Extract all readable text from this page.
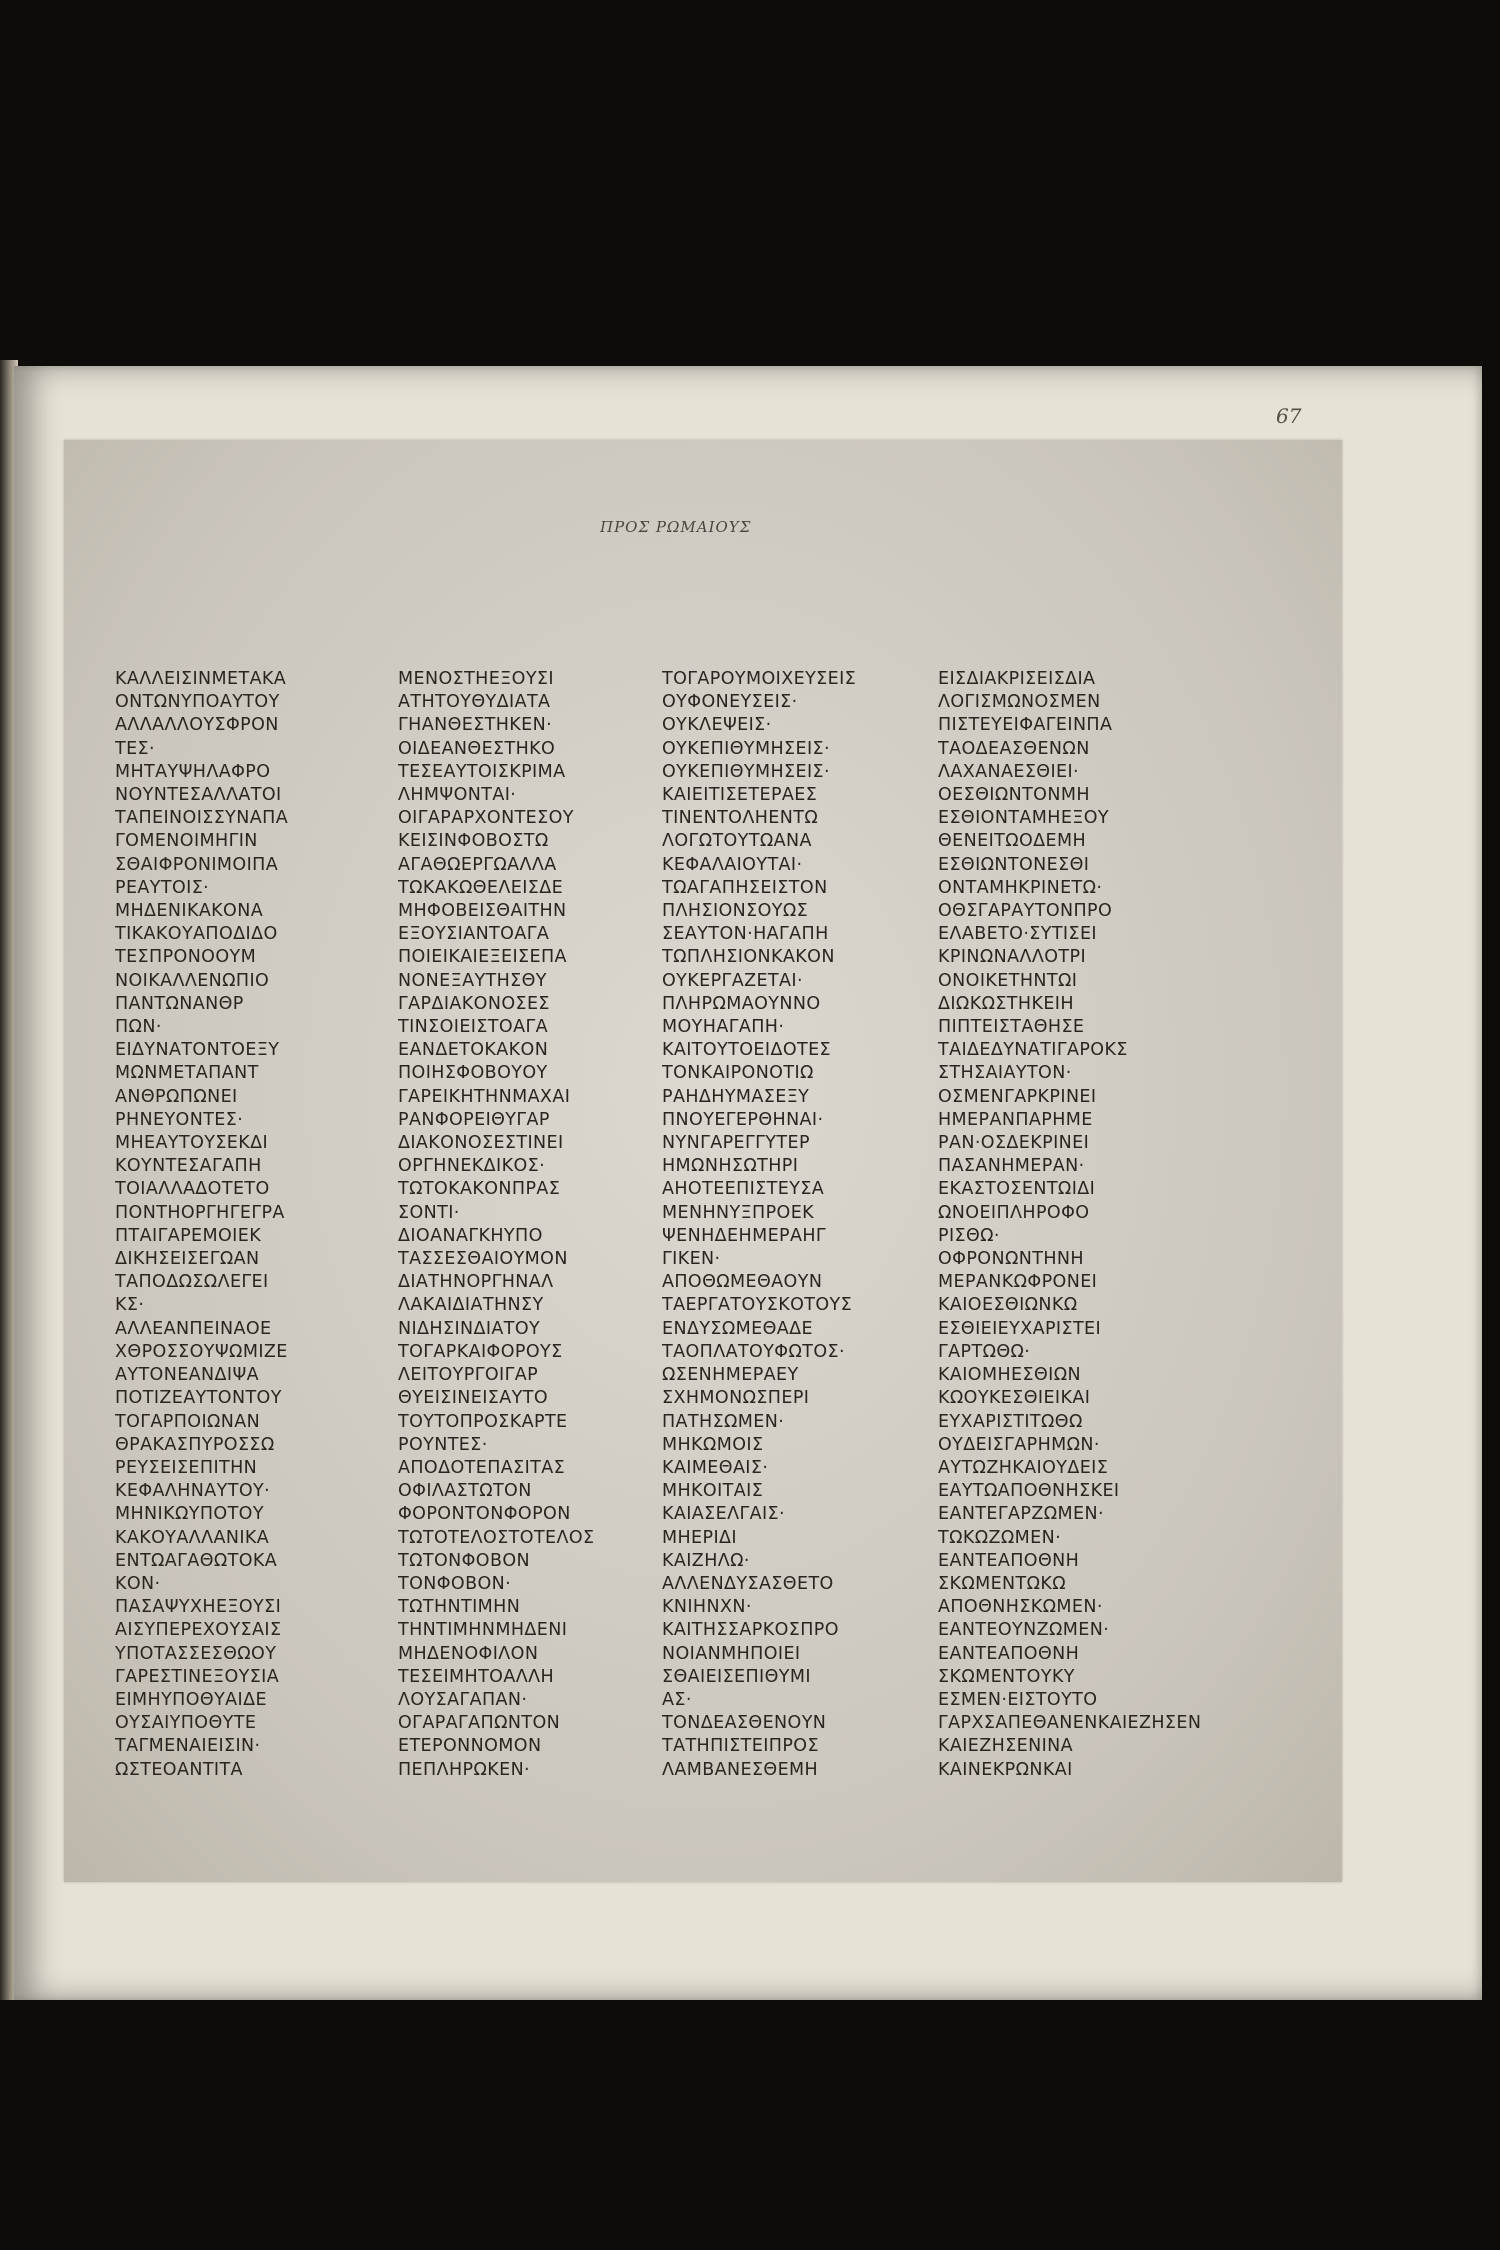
67
ΠΡΟΣ ΡΩΜΑΙΟΥΣ
ΚΑΛΛΕΙΣΙΝΜΕΤΑΚΑ
ΟΝΤΩΝΥΠΟΑΥΤΟΥ
ΑΛΛΑΛΛΟΥΣΦΡΟΝ
ΤΕΣ·
ΜΗΤΑΥΨΗΛΑΦΡΟ
ΝΟΥΝΤΕΣΑΛΛΑΤΟΙ
ΤΑΠΕΙΝΟΙΣΣΥΝΑΠΑ
ΓΟΜΕΝΟΙΜΗΓΙΝ
ΣΘΑΙΦΡΟΝΙΜΟΙΠΑ
ΡΕΑΥΤΟΙΣ·
ΜΗΔΕΝΙΚΑΚΟΝΑ
ΤΙΚΑΚΟΥΑΠΟΔΙΔΟ
ΤΕΣΠΡΟΝΟΟΥΜ
ΝΟΙΚΑΛΛΕΝΩΠΙΟ
ΠΑΝΤΩΝΑΝΘΡ
ΠΩΝ·
ΕΙΔΥΝΑΤΟΝΤΟΕΞΥ
ΜΩΝΜΕΤΑΠΑΝΤ
ΑΝΘΡΩΠΩΝΕΙ
ΡΗΝΕΥΟΝΤΕΣ·
ΜΗΕΑΥΤΟΥΣΕΚΔΙ
ΚΟΥΝΤΕΣΑΓΑΠΗ
ΤΟΙΑΛΛΑΔΟΤΕΤΟ
ΠΟΝΤΗΟΡΓΗΓΕΓΡΑ
ΠΤΑΙΓΑΡΕΜΟΙΕΚ
ΔΙΚΗΣΕΙΣΕΓΩΑΝ
ΤΑΠΟΔΩΣΩΛΕΓΕΙ
ΚΣ·
ΑΛΛΕΑΝΠΕΙΝΑΟΕ
ΧΘΡΟΣΣΟΥΨΩΜΙΖΕ
ΑΥΤΟΝΕΑΝΔΙΨΑ
ΠΟΤΙΖΕΑΥΤΟΝΤΟΥ
ΤΟΓΑΡΠΟΙΩΝΑΝ
ΘΡΑΚΑΣΠΥΡΟΣΣΩ
ΡΕΥΣΕΙΣΕΠΙΤΗΝ
ΚΕΦΑΛΗΝΑΥΤΟΥ·
ΜΗΝΙΚΩΥΠΟΤΟΥ
ΚΑΚΟΥΑΛΛΑΝΙΚΑ
ΕΝΤΩΑΓΑΘΩΤΟΚΑ
ΚΟΝ·
ΠΑΣΑΨΥΧΗΕΞΟΥΣΙ
ΑΙΣΥΠΕΡΕΧΟΥΣΑΙΣ
ΥΠΟΤΑΣΣΕΣΘΩΟΥ
ΓΑΡΕΣΤΙΝΕΞΟΥΣΙΑ
ΕΙΜΗΥΠΟΘΥΑΙΔΕ
ΟΥΣΑΙΥΠΟΘΥΤΕ
ΤΑΓΜΕΝΑΙΕΙΣΙΝ·
ΩΣΤΕΟΑΝΤΙΤΑ
ΜΕΝΟΣΤΗΕΞΟΥΣΙ
ΑΤΗΤΟΥΘΥΔΙΑΤΑ
ΓΗΑΝΘΕΣΤΗΚΕΝ·
ΟΙΔΕΑΝΘΕΣΤΗΚΟ
ΤΕΣΕΑΥΤΟΙΣΚΡΙΜΑ
ΛΗΜΨΟΝΤΑΙ·
ΟΙΓΑΡΑΡΧΟΝΤΕΣΟΥ
ΚΕΙΣΙΝΦΟΒΟΣΤΩ
ΑΓΑΘΩΕΡΓΩΑΛΛΑ
ΤΩΚΑΚΩΘΕΛΕΙΣΔΕ
ΜΗΦΟΒΕΙΣΘΑΙΤΗΝ
ΕΞΟΥΣΙΑΝΤΟΑΓΑ
ΠΟΙΕΙΚΑΙΕΞΕΙΣΕΠΑ
ΝΟΝΕΞΑΥΤΗΣΘΥ
ΓΑΡΔΙΑΚΟΝΟΣΕΣ
ΤΙΝΣΟΙΕΙΣΤΟΑΓΑ
ΕΑΝΔΕΤΟΚΑΚΟΝ
ΠΟΙΗΣΦΟΒΟΥΟΥ
ΓΑΡΕΙΚΗΤΗΝΜΑΧΑΙ
ΡΑΝΦΟΡΕΙΘΥΓΑΡ
ΔΙΑΚΟΝΟΣΕΣΤΙΝΕΙ
ΟΡΓΗΝΕΚΔΙΚΟΣ·
ΤΩΤΟΚΑΚΟΝΠΡΑΣ
ΣΟΝΤΙ·
ΔΙΟΑΝΑΓΚΗΥΠΟ
ΤΑΣΣΕΣΘΑΙΟΥΜΟΝ
ΔΙΑΤΗΝΟΡΓΗΝΑΛ
ΛΑΚΑΙΔΙΑΤΗΝΣΥ
ΝΙΔΗΣΙΝΔΙΑΤΟΥ
ΤΟΓΑΡΚΑΙΦΟΡΟΥΣ
ΛΕΙΤΟΥΡΓΟΙΓΑΡ
ΘΥΕΙΣΙΝΕΙΣΑΥΤΟ
ΤΟΥΤΟΠΡΟΣΚΑΡΤΕ
ΡΟΥΝΤΕΣ·
ΑΠΟΔΟΤΕΠΑΣΙΤΑΣ
ΟΦΙΛΑΣΤΩΤΟΝ
ΦΟΡΟΝΤΟΝΦΟΡΟΝ
ΤΩΤΟΤΕΛΟΣΤΟΤΕΛΟΣ
ΤΩΤΟΝΦΟΒΟΝ
ΤΟΝΦΟΒΟΝ·
ΤΩΤΗΝΤΙΜΗΝ
ΤΗΝΤΙΜΗΝΜΗΔΕΝΙ
ΜΗΔΕΝΟΦΙΛΟΝ
ΤΕΣΕΙΜΗΤΟΑΛΛΗ
ΛΟΥΣΑΓΑΠΑΝ·
ΟΓΑΡΑΓΑΠΩΝΤΟΝ
ΕΤΕΡΟΝΝΟΜΟΝ
ΠΕΠΛΗΡΩΚΕΝ·
ΤΟΓΑΡΟΥΜΟΙΧΕΥΣΕΙΣ
ΟΥΦΟΝΕΥΣΕΙΣ·
ΟΥΚΛΕΨΕΙΣ·
ΟΥΚΕΠΙΘΥΜΗΣΕΙΣ·
ΟΥΚΕΠΙΘΥΜΗΣΕΙΣ·
ΚΑΙΕΙΤΙΣΕΤΕΡΑΕΣ
ΤΙΝΕΝΤΟΛΗΕΝΤΩ
ΛΟΓΩΤΟΥΤΩΑΝΑ
ΚΕΦΑΛΑΙΟΥΤΑΙ·
ΤΩΑΓΑΠΗΣΕΙΣΤΟΝ
ΠΛΗΣΙΟΝΣΟΥΩΣ
ΣΕΑΥΤΟΝ·ΗΑΓΑΠΗ
ΤΩΠΛΗΣΙΟΝΚΑΚΟΝ
ΟΥΚΕΡΓΑΖΕΤΑΙ·
ΠΛΗΡΩΜΑΟΥΝΝΟ
ΜΟΥΗΑΓΑΠΗ·
ΚΑΙΤΟΥΤΟΕΙΔΟΤΕΣ
ΤΟΝΚΑΙΡΟΝΟΤΙΩ
ΡΑΗΔΗΥΜΑΣΕΞΥ
ΠΝΟΥΕΓΕΡΘΗΝΑΙ·
ΝΥΝΓΑΡΕΓΓΥΤΕΡ
ΗΜΩΝΗΣΩΤΗΡΙ
ΑΗΟΤΕΕΠΙΣΤΕΥΣΑ
ΜΕΝΗΝΥΞΠΡΟΕΚ
ΨΕΝΗΔΕΗΜΕΡΑΗΓ
ΓΙΚΕΝ·
ΑΠΟΘΩΜΕΘΑΟΥΝ
ΤΑΕΡΓΑΤΟΥΣΚΟΤΟΥΣ
ΕΝΔΥΣΩΜΕΘΑΔΕ
ΤΑΟΠΛΑΤΟΥΦΩΤΟΣ·
ΩΣΕΝΗΜΕΡΑΕΥ
ΣΧΗΜΟΝΩΣΠΕΡΙ
ΠΑΤΗΣΩΜΕΝ·
ΜΗΚΩΜΟΙΣ
ΚΑΙΜΕΘΑΙΣ·
ΜΗΚΟΙΤΑΙΣ
ΚΑΙΑΣΕΛΓΑΙΣ·
ΜΗΕΡΙΔΙ
ΚΑΙΖΗΛΩ·
ΑΛΛΕΝΔΥΣΑΣΘΕΤΟ
ΚΝΙΗΝΧΝ·
ΚΑΙΤΗΣΣΑΡΚΟΣΠΡΟ
ΝΟΙΑΝΜΗΠΟΙΕΙ
ΣΘΑΙΕΙΣΕΠΙΘΥΜΙ
ΑΣ·
ΤΟΝΔΕΑΣΘΕΝΟΥΝ
ΤΑΤΗΠΙΣΤΕΙΠΡΟΣ
ΛΑΜΒΑΝΕΣΘΕΜΗ
ΕΙΣΔΙΑΚΡΙΣΕΙΣΔΙΑ
ΛΟΓΙΣΜΩΝΟΣΜΕΝ
ΠΙΣΤΕΥΕΙΦΑΓΕΙΝΠΑ
ΤΑΟΔΕΑΣΘΕΝΩΝ
ΛΑΧΑΝΑΕΣΘΙΕΙ·
ΟΕΣΘΙΩΝΤΟΝΜΗ
ΕΣΘΙΟΝΤΑΜΗΕΞΟΥ
ΘΕΝΕΙΤΩΟΔΕΜΗ
ΕΣΘΙΩΝΤΟΝΕΣΘΙ
ΟΝΤΑΜΗΚΡΙΝΕΤΩ·
ΟΘΣΓΑΡΑΥΤΟΝΠΡΟ
ΕΛΑΒΕΤΟ·ΣΥΤΙΣΕΙ
ΚΡΙΝΩΝΑΛΛΟΤΡΙ
ΟΝΟΙΚΕΤΗΝΤΩΙ
ΔΙΩΚΩΣΤΗΚΕΙΗ
ΠΙΠΤΕΙΣΤΑΘΗΣΕ
ΤΑΙΔΕΔΥΝΑΤΙΓΑΡΟΚΣ
ΣΤΗΣΑΙΑΥΤΟΝ·
ΟΣΜΕΝΓΑΡΚΡΙΝΕΙ
ΗΜΕΡΑΝΠΑΡΗΜΕ
ΡΑΝ·ΟΣΔΕΚΡΙΝΕΙ
ΠΑΣΑΝΗΜΕΡΑΝ·
ΕΚΑΣΤΟΣΕΝΤΩΙΔΙ
ΩΝΟΕΙΠΛΗΡΟΦΟ
ΡΙΣΘΩ·
ΟΦΡΟΝΩΝΤΗΝΗ
ΜΕΡΑΝΚΩΦΡΟΝΕΙ
ΚΑΙΟΕΣΘΙΩΝΚΩ
ΕΣΘΙΕΙΕΥΧΑΡΙΣΤΕΙ
ΓΑΡΤΩΘΩ·
ΚΑΙΟΜΗΕΣΘΙΩΝ
ΚΩΟΥΚΕΣΘΙΕΙΚΑΙ
ΕΥΧΑΡΙΣΤΙΤΩΘΩ
ΟΥΔΕΙΣΓΑΡΗΜΩΝ·
ΑΥΤΩΖΗΚΑΙΟΥΔΕΙΣ
ΕΑΥΤΩΑΠΟΘΝΗΣΚΕΙ
ΕΑΝΤΕΓΑΡΖΩΜΕΝ·
ΤΩΚΩΖΩΜΕΝ·
ΕΑΝΤΕΑΠΟΘΝΗ
ΣΚΩΜΕΝΤΩΚΩ
ΑΠΟΘΝΗΣΚΩΜΕΝ·
ΕΑΝΤΕΟΥΝΖΩΜΕΝ·
ΕΑΝΤΕΑΠΟΘΝΗ
ΣΚΩΜΕΝΤΟΥΚΥ
ΕΣΜΕΝ·ΕΙΣΤΟΥΤΟ
ΓΑΡΧΣΑΠΕΘΑΝΕΝΚΑΙΕΖΗΣΕΝ
ΚΑΙΕΖΗΣΕΝΙΝΑ
ΚΑΙΝΕΚΡΩΝΚΑΙ
